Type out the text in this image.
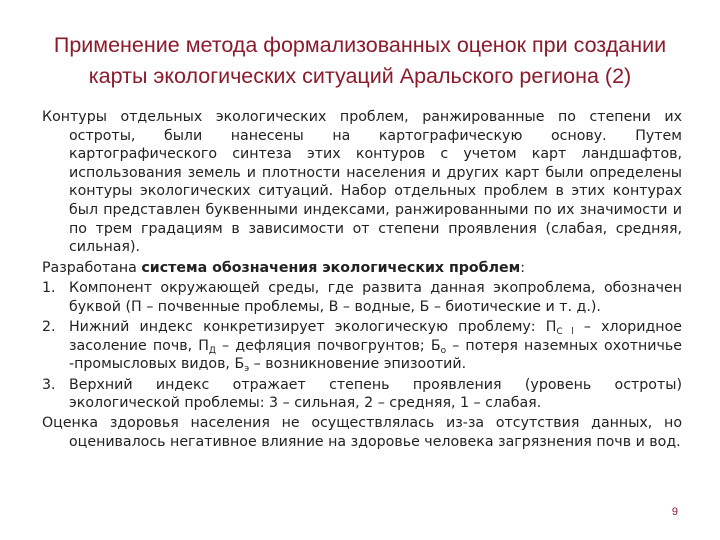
Применение метода формализованных оценок при создании
карты экологических ситуаций Аральского региона (2)

Контуры отдельных экологических проблем, ранжированные по степени их остроты, были нанесены на картографическую основу. Путем картографического синтеза этих контуров с учетом карт ландшафтов, использования земель и плотности населения и других карт были определены контуры экологических ситуаций. Набор отдельных проблем в этих контурах был представлен буквенными индексами, ранжированными по их значимости и по трем градациям в зависимости от степени проявления (слабая, средняя, сильная).

Разработана система обозначения экологических проблем:

1. Компонент окружающей среды, где развита данная экопроблема, обозначен буквой (П – почвенные проблемы, В – водные, Б – биотические и т. д.).

2. Нижний индекс конкретизирует экологическую проблему: $П_{С l}$ – хлоридное засоление почв, $П_Д$ – дефляция почвогрунтов; $Б_о$ – потеря наземных охотничье -промысловых видов, $Б_э$ – возникновение эпизоотий.

3. Верхний индекс отражает степень проявления (уровень остроты) экологической проблемы: 3 – сильная, 2 – средняя, 1 – слабая.

Оценка здоровья населения не осуществлялась из-за отсутствия данных, но оценивалось негативное влияние на здоровье человека загрязнения почв и вод.

9
